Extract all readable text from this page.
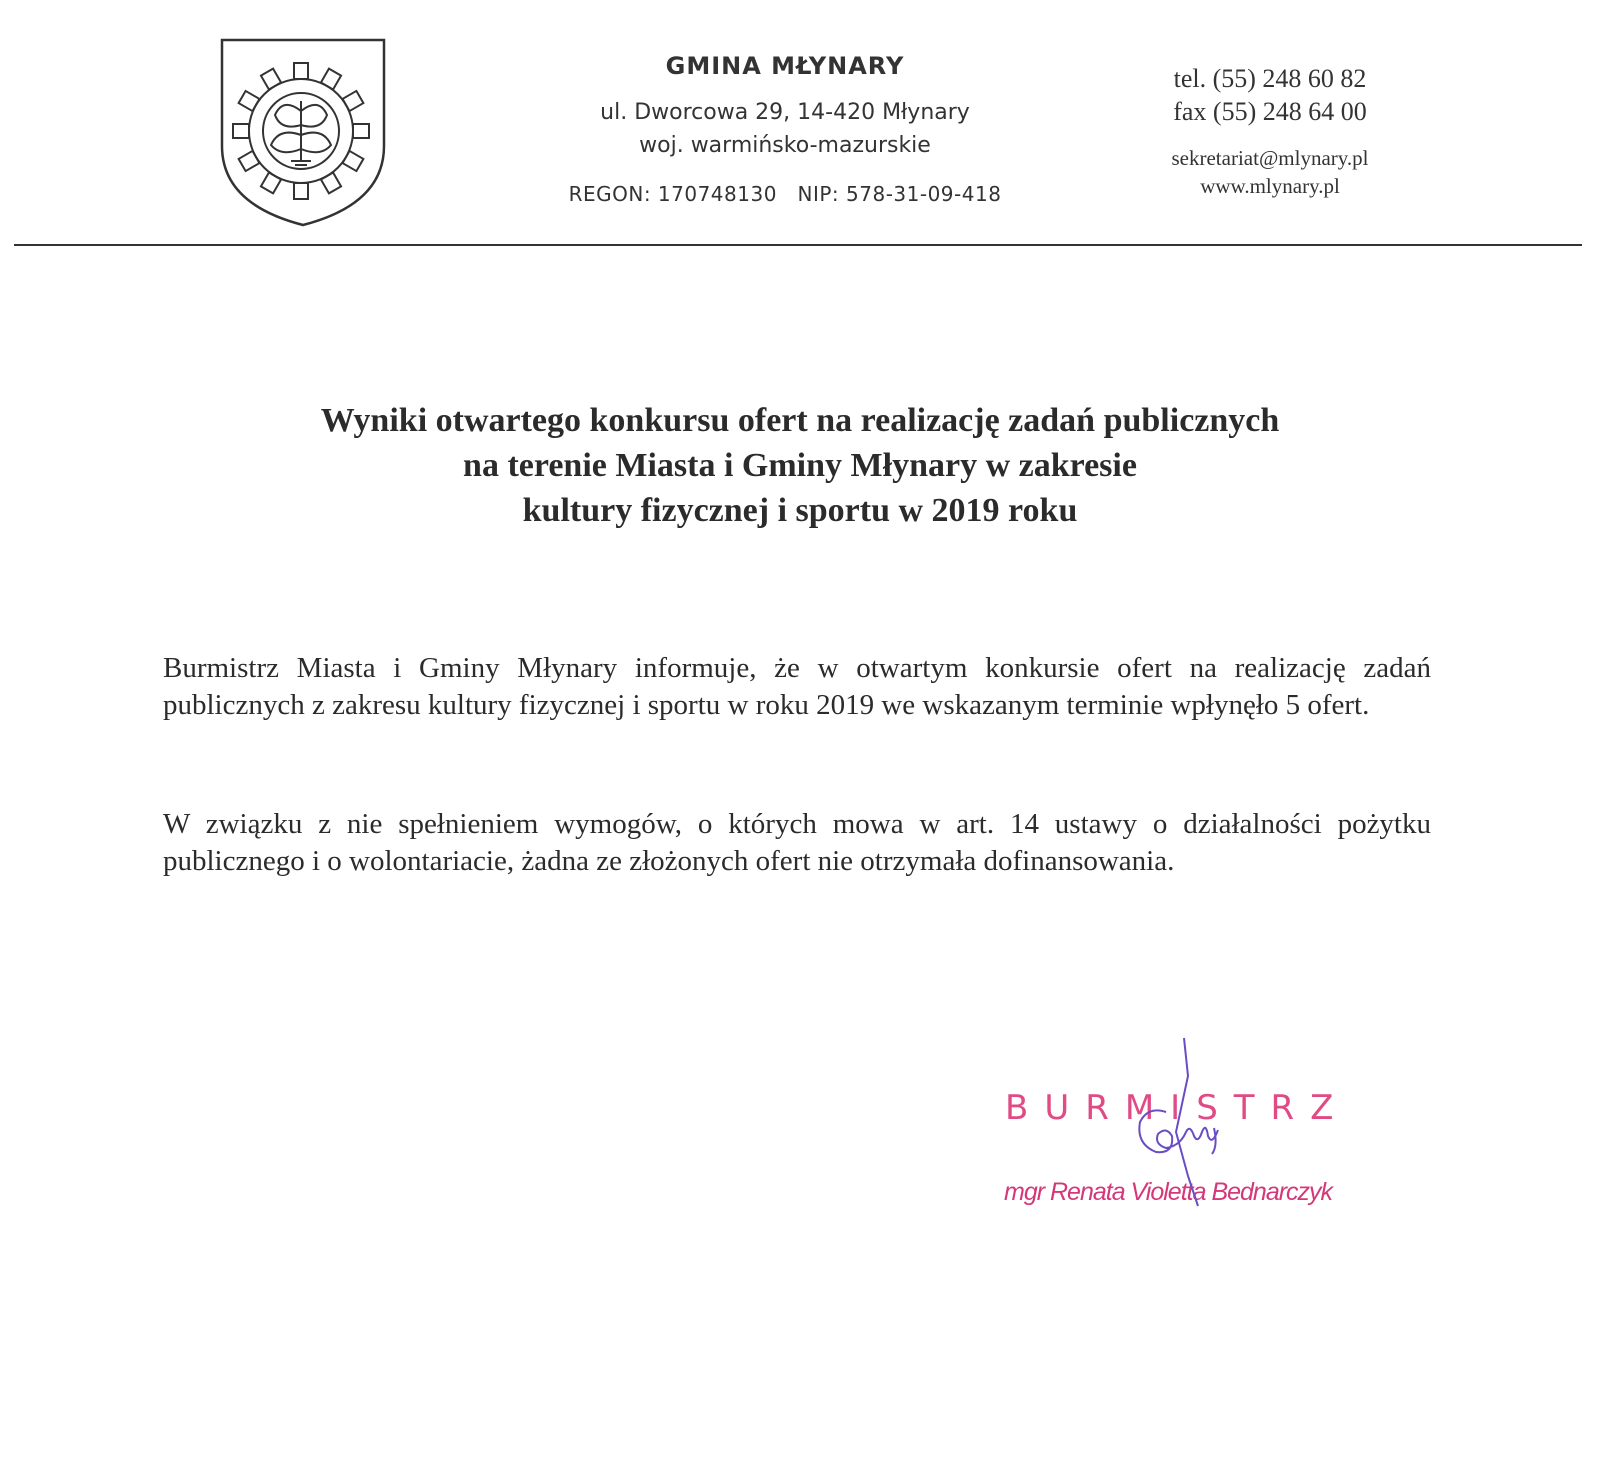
GMINA MŁYNARY
ul. Dworcowa 29, 14-420 Młynary
woj. warmińsko-mazurskie
REGON: 170748130   NIP: 578-31-09-418
tel. (55) 248 60 82
fax (55) 248 64 00
sekretariat@mlynary.pl
www.mlynary.pl
Wyniki otwartego konkursu ofert na realizację zadań publicznych
na terenie Miasta i Gminy Młynary w zakresie
kultury fizycznej i sportu w 2019 roku
Burmistrz Miasta i Gminy Młynary informuje, że w otwartym konkursie ofert na realizację zadań publicznych z zakresu kultury fizycznej i sportu w roku 2019 we wskazanym terminie wpłynęło 5 ofert.
W związku z nie spełnieniem wymogów, o których mowa w art. 14 ustawy o działalności pożytku publicznego i o wolontariacie, żadna ze złożonych ofert nie otrzymała dofinansowania.
BURMISTRZ
mgr Renata Violetta Bednarczyk
